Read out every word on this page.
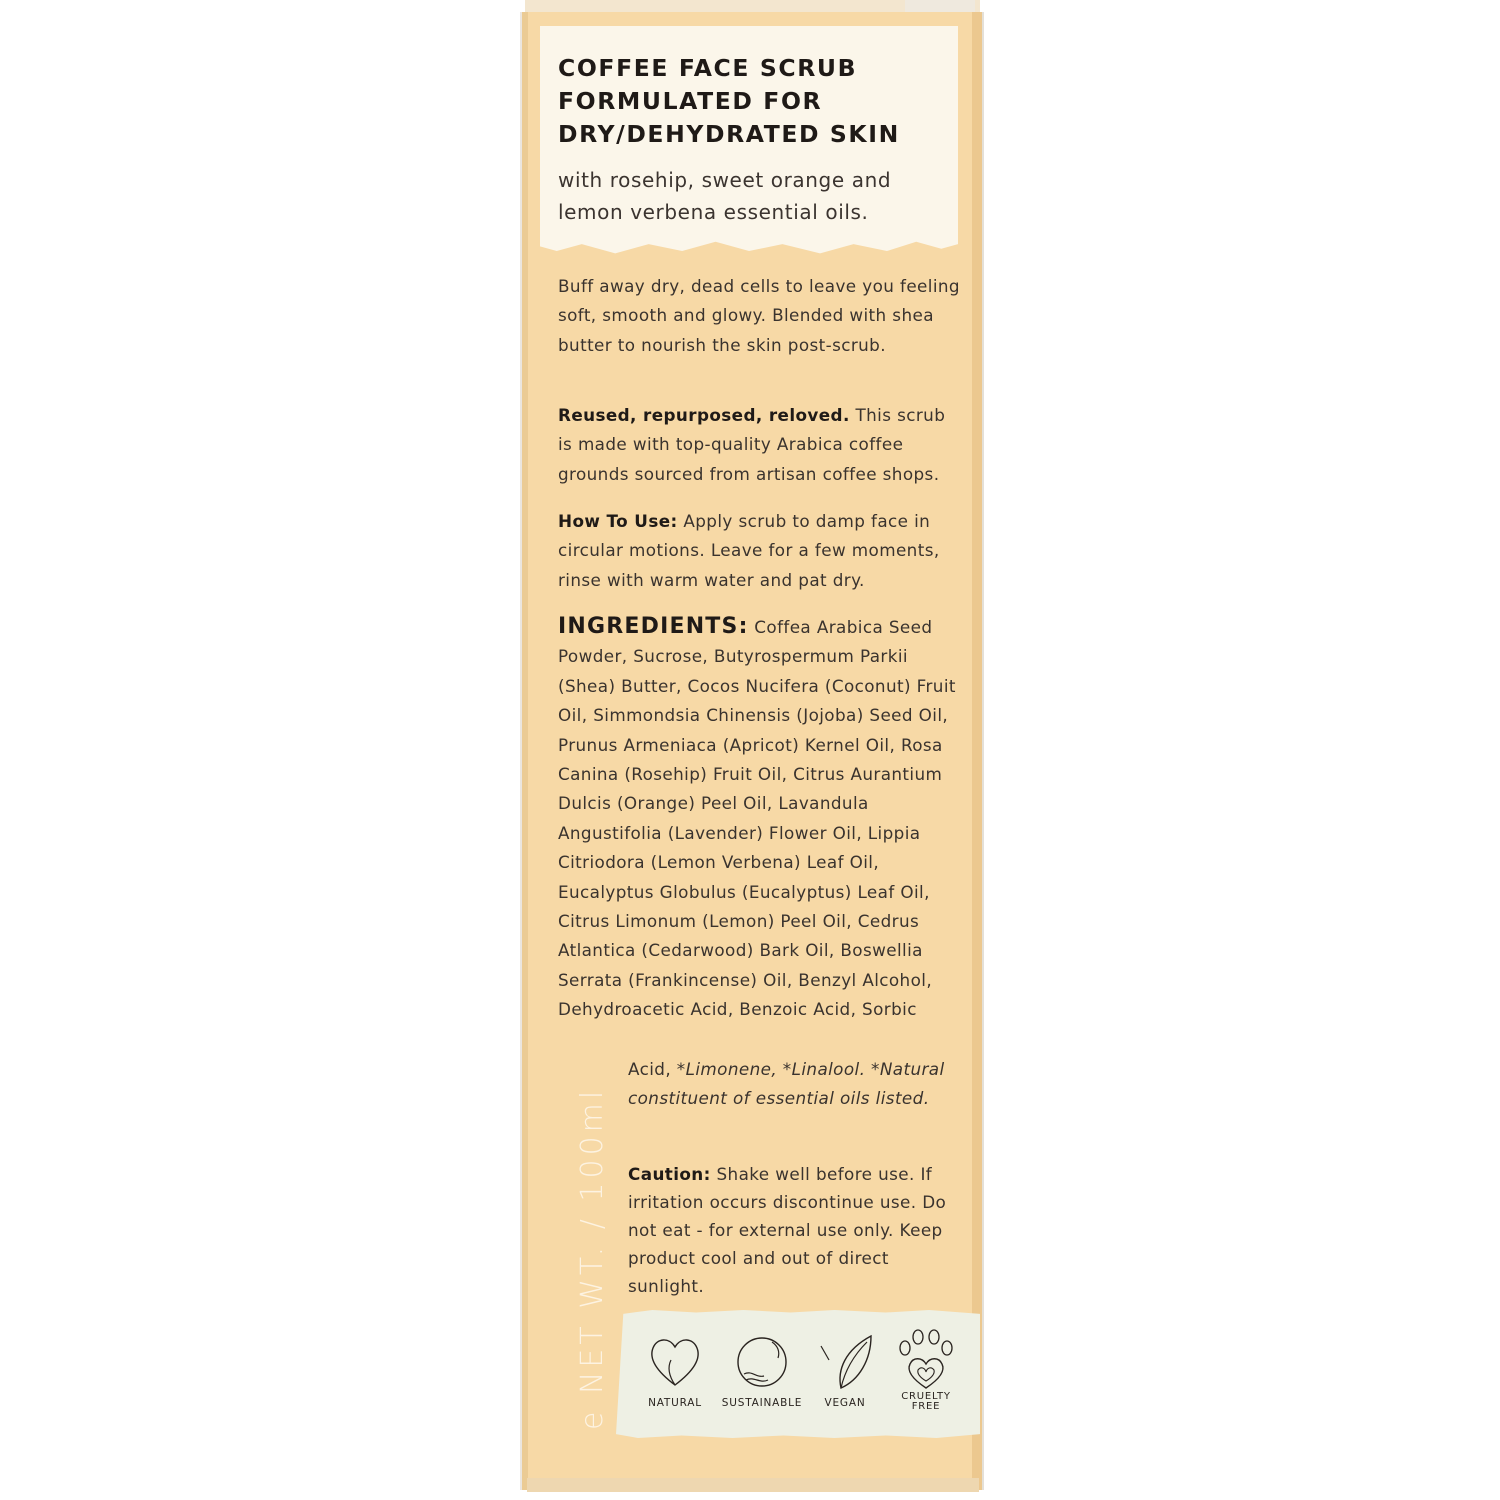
COFFEE FACE SCRUB
FORMULATED FOR
DRY/DEHYDRATED SKIN

with rosehip, sweet orange and
lemon verbena essential oils.

Buff away dry, dead cells to leave you feeling soft, smooth and glowy. Blended with shea butter to nourish the skin post-scrub.

Reused, repurposed, reloved. This scrub is made with top-quality Arabica coffee grounds sourced from artisan coffee shops.

How To Use: Apply scrub to damp face in circular motions. Leave for a few moments, rinse with warm water and pat dry.

INGREDIENTS: Coffea Arabica Seed Powder, Sucrose, Butyrospermum Parkii (Shea) Butter, Cocos Nucifera (Coconut) Fruit Oil, Simmondsia Chinensis (Jojoba) Seed Oil, Prunus Armeniaca (Apricot) Kernel Oil, Rosa Canina (Rosehip) Fruit Oil, Citrus Aurantium Dulcis (Orange) Peel Oil, Lavandula Angustifolia (Lavender) Flower Oil, Lippia Citriodora (Lemon Verbena) Leaf Oil, Eucalyptus Globulus (Eucalyptus) Leaf Oil, Citrus Limonum (Lemon) Peel Oil, Cedrus Atlantica (Cedarwood) Bark Oil, Boswellia Serrata (Frankincense) Oil, Benzyl Alcohol, Dehydroacetic Acid, Benzoic Acid, Sorbic

Acid, *Limonene, *Linalool. *Natural constituent of essential oils listed.

Caution: Shake well before use. If irritation occurs discontinue use. Do not eat - for external use only. Keep product cool and out of direct sunlight.

e NET WT. / 100ml	NATURAL	SUSTAINABLE	VEGAN
CRUELTY
FREE
